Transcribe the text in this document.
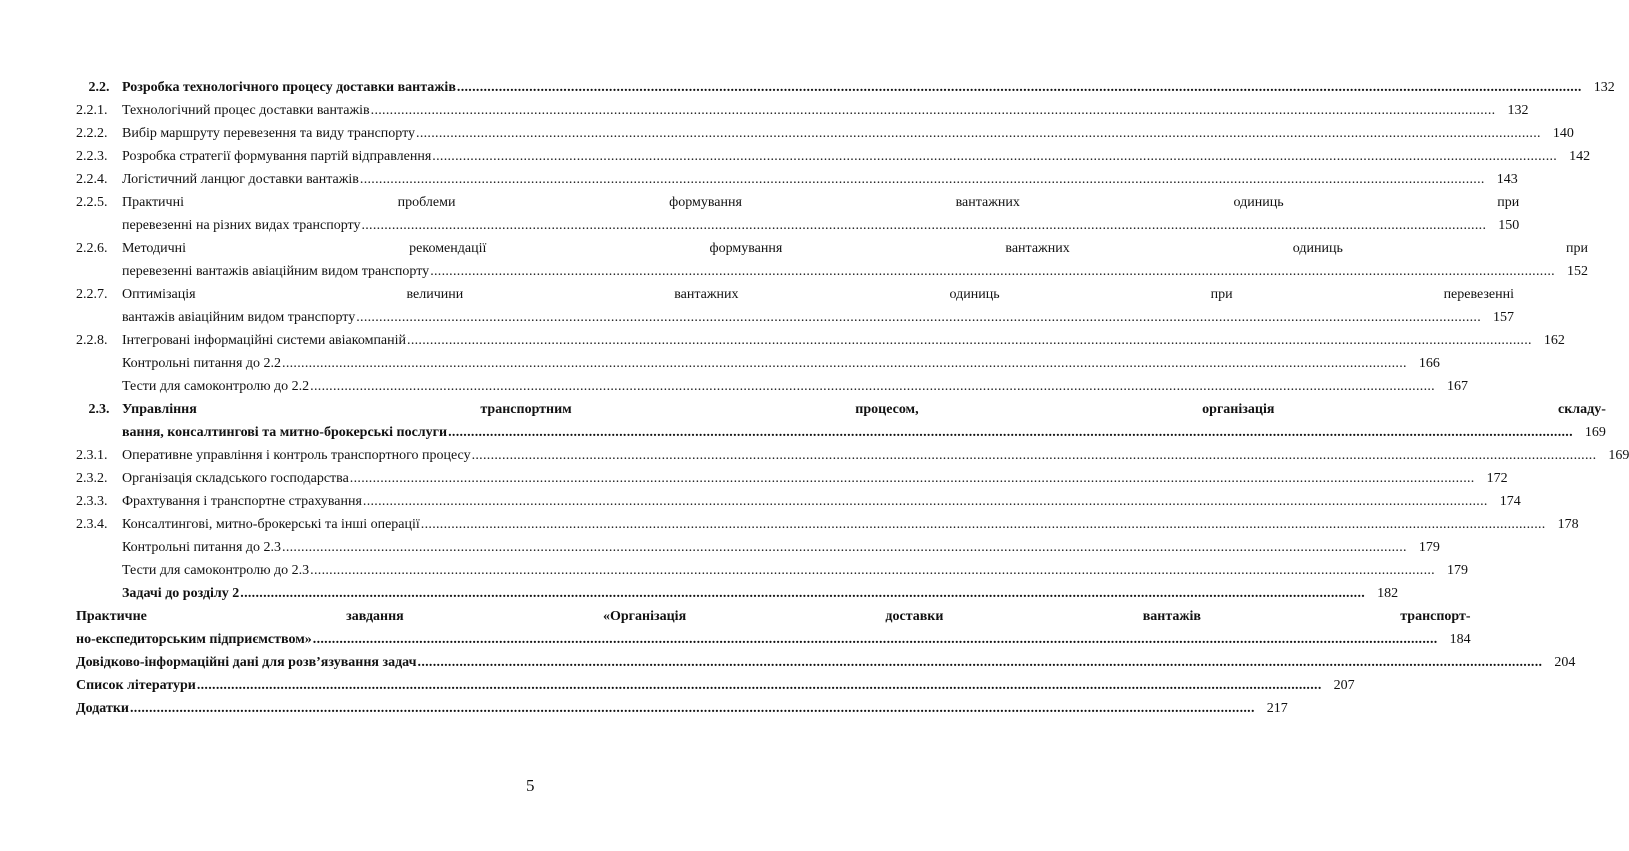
2.2. Розробка технологічного процесу доставки вантажів .....	132
2.2.1.	Технологічний процес доставки вантажів .....	132
2.2.2.	Вибір маршруту перевезення та виду транспорту .....	140
2.2.3.	Розробка стратегії формування партій відправлення .....	142
2.2.4.	Логістичний ланцюг доставки вантажів .....	143
2.2.5.	Практичні проблеми формування вантажних одиниць при
перевезенні на різних видах транспорту .....	150
2.2.6.	Методичні рекомендації формування вантажних одиниць при
перевезенні вантажів авіаційним видом транспорту .....	152
2.2.7.	Оптимізація величини вантажних одиниць при перевезенні
вантажів авіаційним видом транспорту .....	157
2.2.8.	Інтегровані інформаційні системи авіакомпаній .....	162
Контрольні питання до 2.2 .....	166
Тести для самоконтролю до 2.2 .....	167
2.3. Управління транспортним процесом, організація складу-
вання, консалтингові та митно-брокерські послуги .....	169
2.3.1.	Оперативне управління і контроль транспортного процесу .....	169
2.3.2.	Організація складського господарства .....	172
2.3.3.	Фрахтування і транспортне страхування .....	174
2.3.4.	Консалтингові, митно-брокерські та інші операції .....	178
Контрольні питання до 2.3 .....	179
Тести для самоконтролю до 2.3 .....	179
Задачі до розділу 2 .....	182
Практичне завдання «Організація доставки вантажів транспорт-
но-експедиторським підприємством» .....	184
Довідково-інформаційні дані для розв’язування задач .....	204
Список літератури .....	207
Додатки .....	217
5
